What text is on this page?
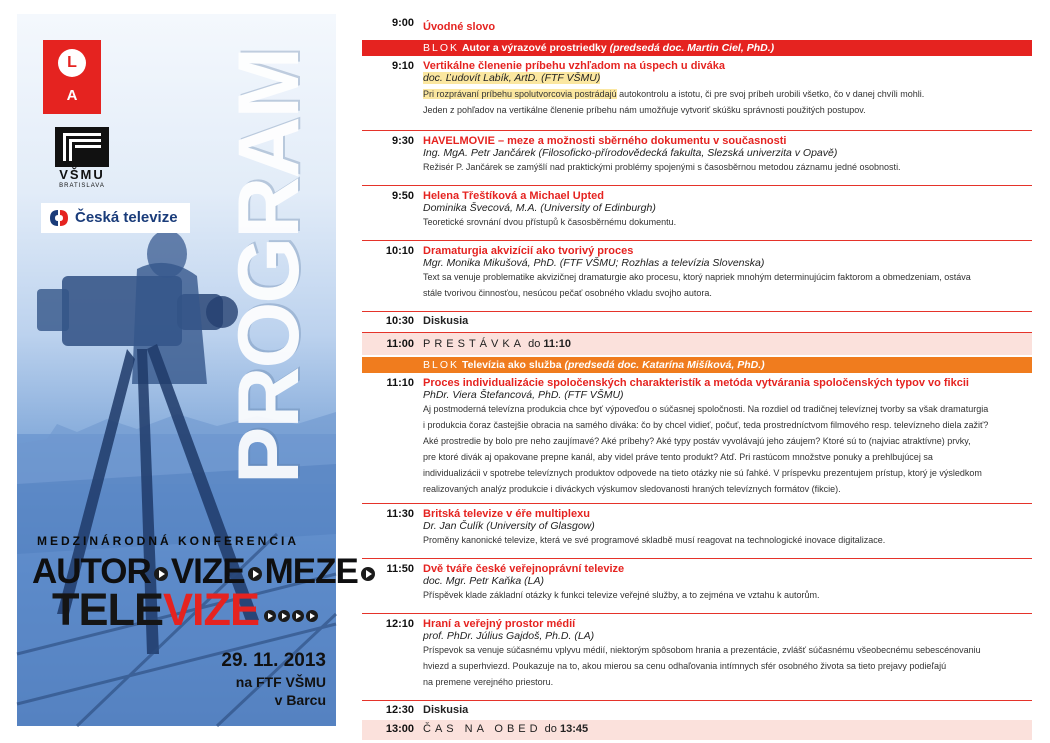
L
A
VŠMU
BRATISLAVA
Česká televize PROGRAM
MEDZINÁRODNÁ KONFERENCIA
AUTOR VIZE MEZE
TELEVIZE
29. 11. 2013
na FTF VŠMU
v Barcu
9:00 Úvodné slovo
BLOK Autor a výrazové prostriedky (predsedá doc. Martin Ciel, PhD.)
9:10 Vertikálne členenie príbehu vzhľadom na úspech u diváka
doc. Ľudovít Labík, ArtD. (FTF VŠMU)
Pri rozprávaní príbehu spolutvorcovia postrádajú autokontrolu a istotu, či pre svoj príbeh urobili všetko, čo v danej chvíli mohli.
Jeden z pohľadov na vertikálne členenie príbehu nám umožňuje vytvoriť skúšku správnosti použitých postupov.
9:30 HAVELMOVIE – meze a možnosti sběrného dokumentu v současnosti
Ing. MgA. Petr Jančárek (Filosoficko-přírodovědecká fakulta, Slezská univerzita v Opavě)
Režisér P. Jančárek se zamýšlí nad praktickými problémy spojenými s časosběrnou metodou záznamu jedné osobnosti.
9:50 Helena Třeštíková a Michael Upted
Dominika Švecová, M.A. (University of Edinburgh)
Teoretické srovnání dvou přístupů k časosběrnému dokumentu.
10:10 Dramaturgia akvizícií ako tvorivý proces
Mgr. Monika Mikušová, PhD. (FTF VŠMU; Rozhlas a televízia Slovenska)
Text sa venuje problematike akvizičnej dramaturgie ako procesu, ktorý napriek mnohým determinujúcim faktorom a obmedzeniam, ostáva
stále tvorivou činnosťou, nesúcou pečať osobného vkladu svojho autora.
10:30 Diskusia
11:00 PRESTÁVKA do 11:10
BLOK Televízia ako služba (predsedá doc. Katarína Mišíková, PhD.)
11:10 Proces individualizácie spoločenských charakteristík a metóda vytvárania spoločenských typov vo fikcii
PhDr. Viera Štefancová, PhD. (FTF VŠMU)
Aj postmoderná televízna produkcia chce byť výpoveďou o súčasnej spoločnosti. Na rozdiel od tradičnej televíznej tvorby sa však dramaturgia
i produkcia čoraz častejšie obracia na samého diváka: čo by chcel vidieť, počuť, teda prostredníctvom filmového resp. televízneho diela zažiť?
Aké prostredie by bolo pre neho zaujímavé? Aké príbehy? Aké typy postáv vyvolávajú jeho záujem? Ktoré sú to (najviac atraktívne) prvky,
pre ktoré divák aj opakovane prepne kanál, aby videl práve tento produkt? Atď. Pri rastúcom množstve ponuky a prehlbujúcej sa
individualizácii v spotrebe televíznych produktov odpovede na tieto otázky nie sú ľahké. V príspevku prezentujem prístup, ktorý je výsledkom
realizovaných analýz produkcie i diváckych výskumov sledovanosti hraných televíznych formátov (fikcie).
11:30 Britská televize v éře multiplexu
Dr. Jan Čulík (University of Glasgow)
Proměny kanonické televize, která ve své programové skladbě musí reagovat na technologické inovace digitalizace.
11:50 Dvě tváře české veřejnoprávní televize
doc. Mgr. Petr Kaňka (LA)
Příspěvek klade základní otázky k funkci televize veřejné služby, a to zejména ve vztahu k autorům.
12:10 Hraní a veřejný prostor médií
prof. PhDr. Július Gajdoš, Ph.D. (LA)
Príspevok sa venuje súčasnému vplyvu médií, niektorým spôsobom hrania a prezentácie, zvlášť súčasnému všeobecnému sebescénovaniu
hviezd a superhviezd. Poukazuje na to, akou mierou sa cenu odhaľovania intímnych sfér osobného života sa tieto prejavy podieľajú
na premene verejného priestoru.
12:30 Diskusia
13:00 ČAS NA OBED do 13:45
